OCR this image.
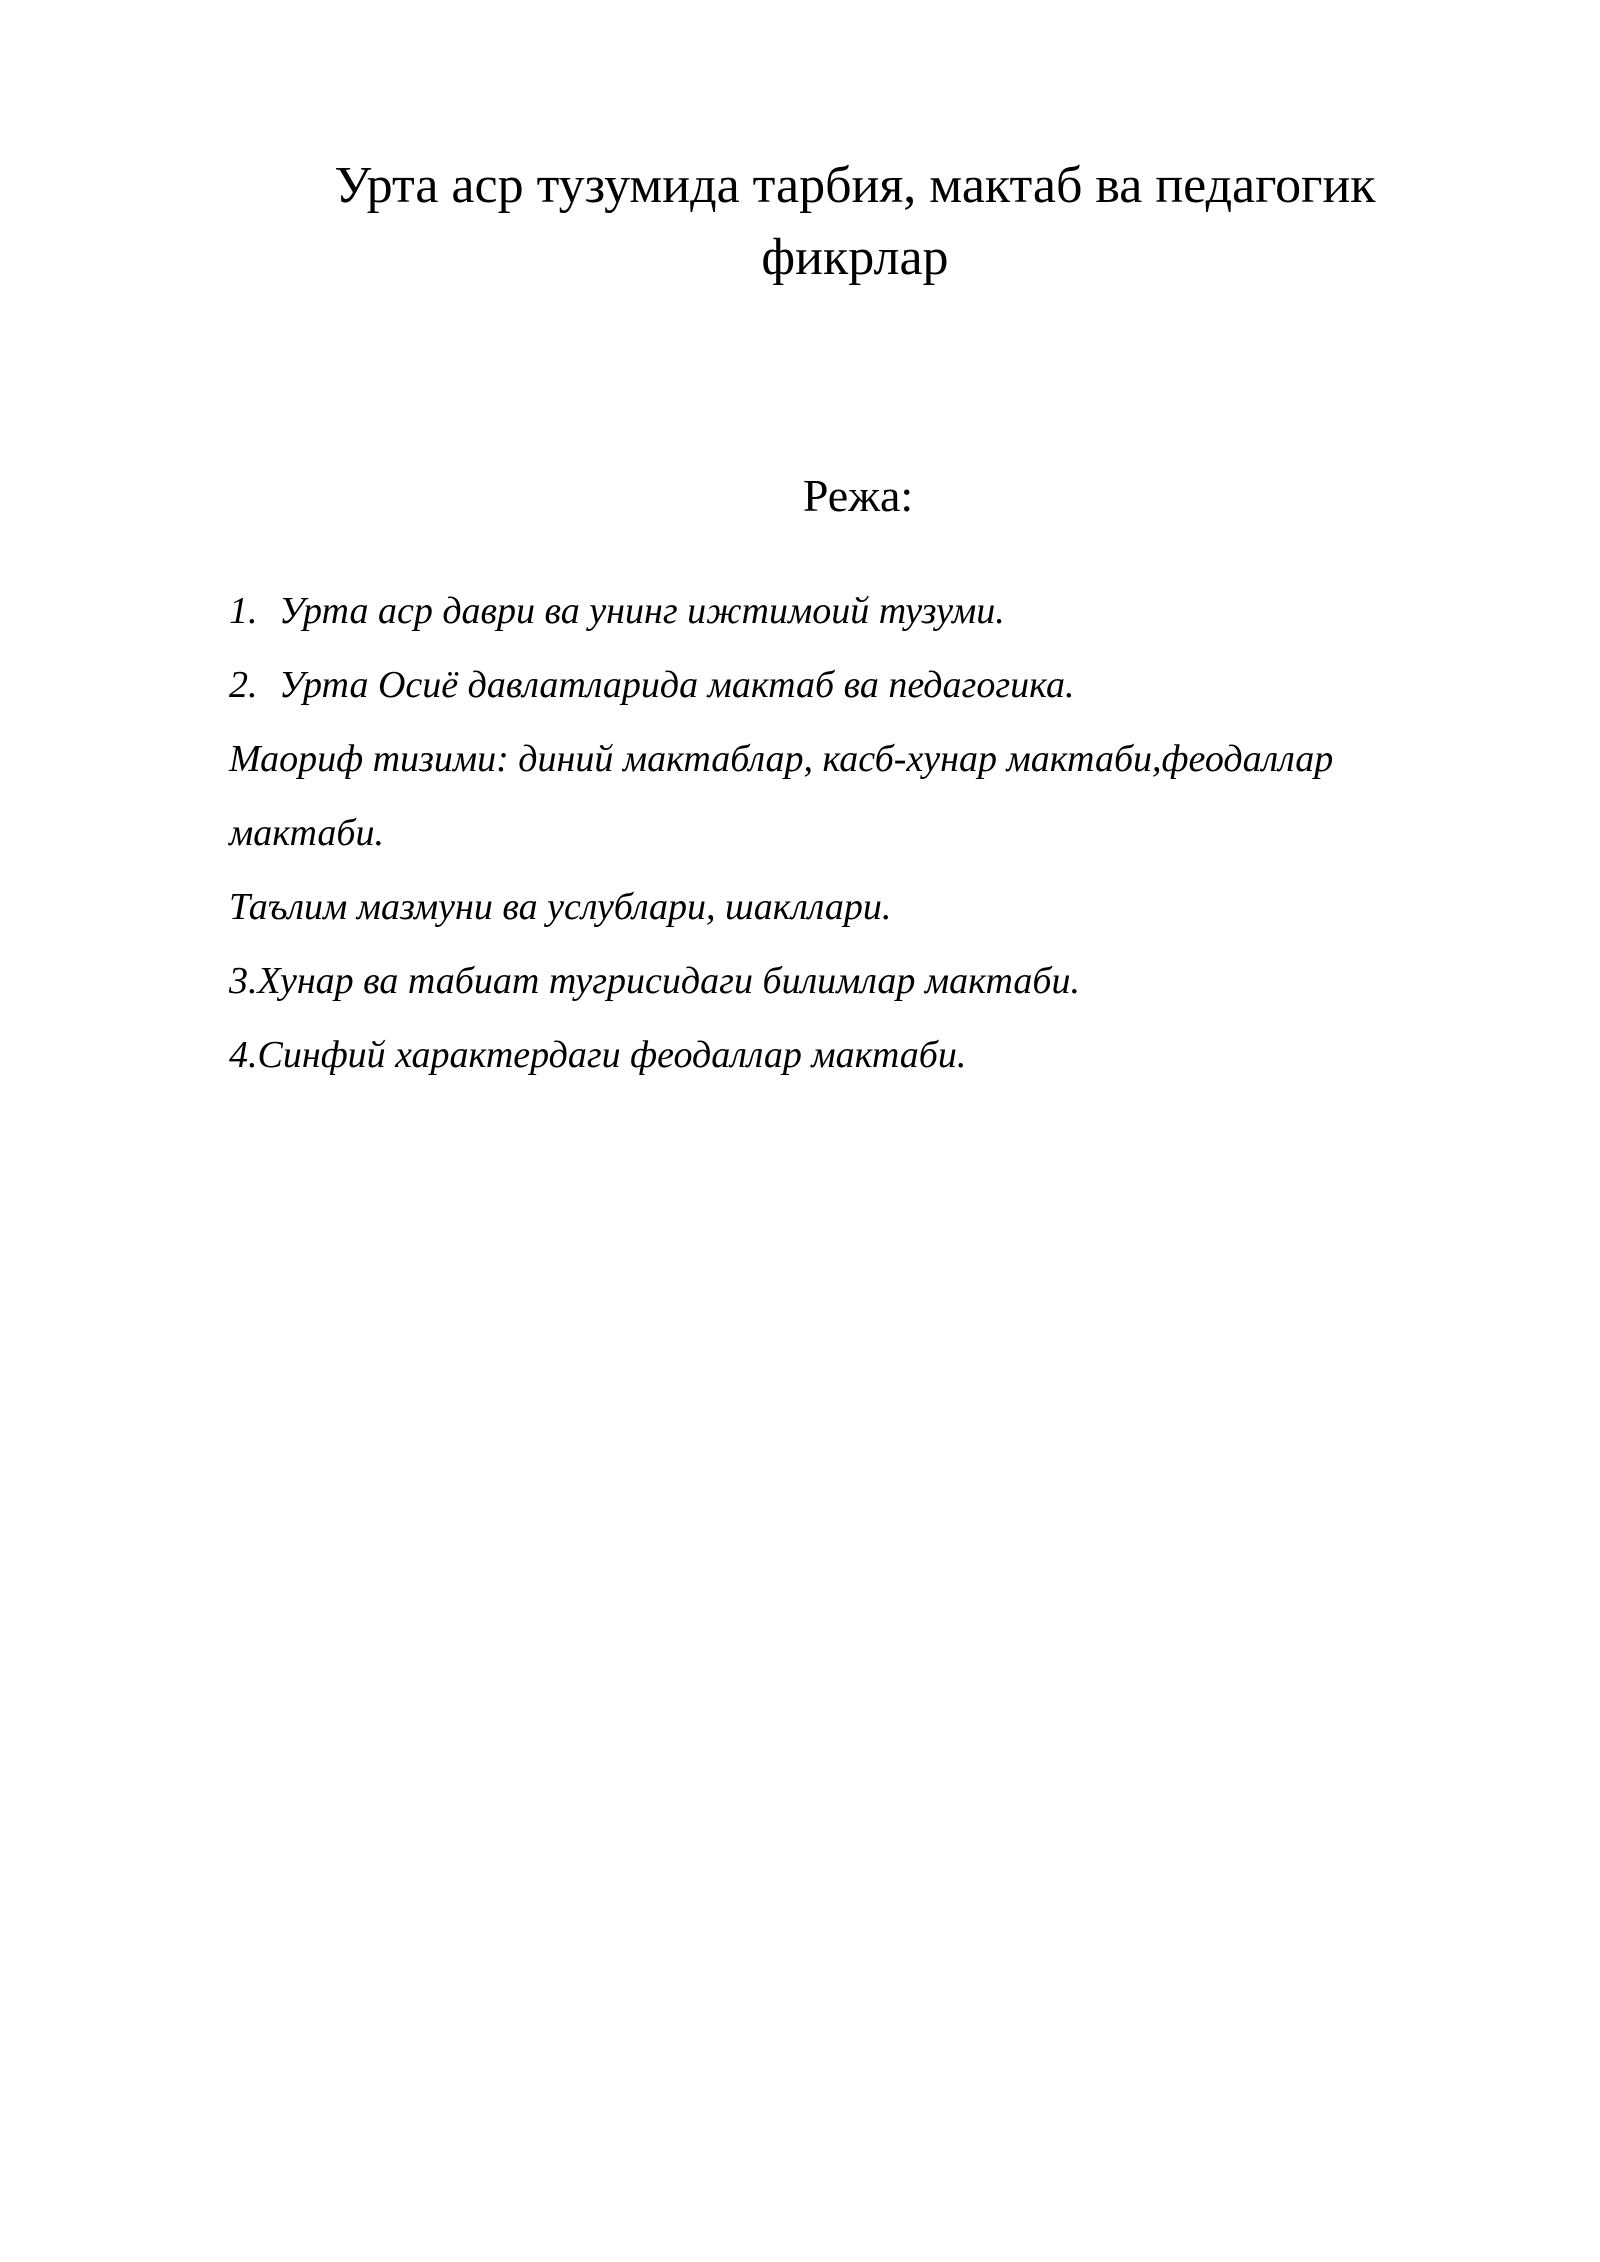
Урта аср тузумида тарбия, мактаб ва педагогик
фикрлар
Режа:
1. Урта аср даври ва унинг ижтимоий тузуми.
2. Урта Осиё давлатларида мактаб ва педагогика.
Маориф тизими: диний мактаблар, касб-хунар мактаби,феодаллар
мактаби.
Таълим мазмуни ва услублари, шакллари.
3.Хунар ва табиат тугрисидаги билимлар мактаби.
4.Синфий характердаги феодаллар мактаби.
